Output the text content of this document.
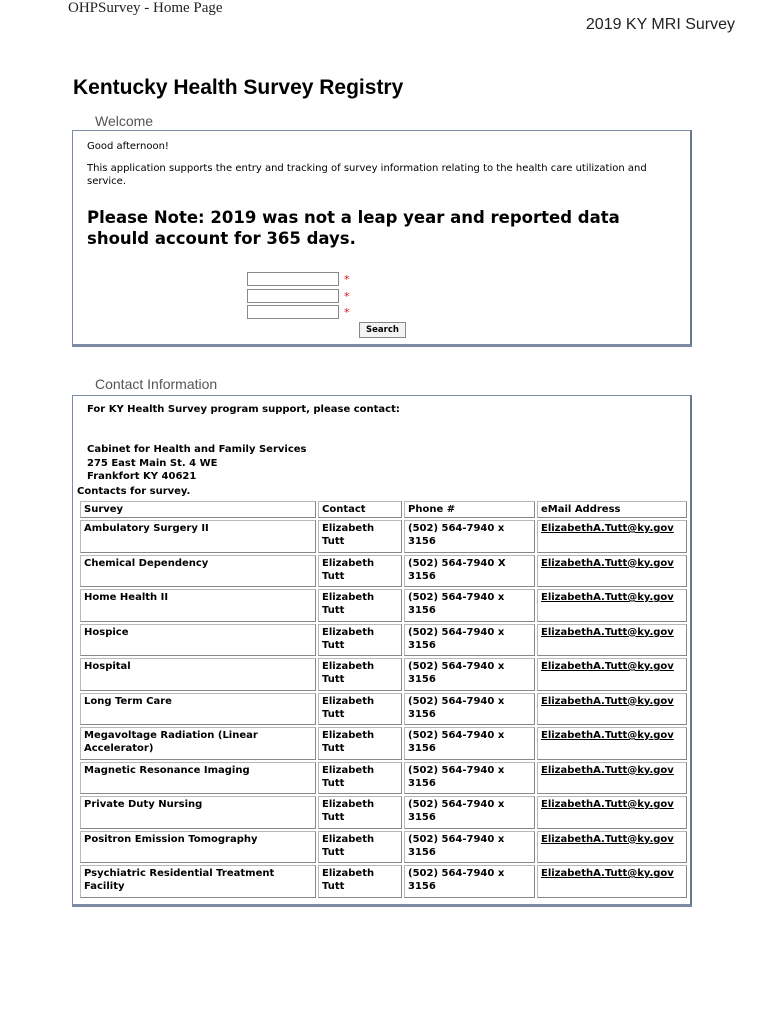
OHPSurvey - Home Page
2019 KY MRI Survey
Kentucky Health Survey Registry
Welcome
Good afternoon!
This application supports the entry and tracking of survey information relating to the health care utilization and service.
Please Note: 2019 was not a leap year and reported data should account for 365 days.
*
*
*
Search
Contact Information
For KY Health Survey program support, please contact:
Cabinet for Health and Family Services
275 East Main St. 4 WE
Frankfort KY 40621
Contacts for survey.
Survey	Contact	Phone #	eMail Address
Ambulatory Surgery II	Elizabeth Tutt	(502) 564-7940 x 3156	ElizabethA.Tutt@ky.gov
Chemical Dependency	Elizabeth Tutt	(502) 564-7940 X 3156	ElizabethA.Tutt@ky.gov
Home Health II	Elizabeth Tutt	(502) 564-7940 x 3156	ElizabethA.Tutt@ky.gov
Hospice	Elizabeth Tutt	(502) 564-7940 x 3156	ElizabethA.Tutt@ky.gov
Hospital	Elizabeth Tutt	(502) 564-7940 x 3156	ElizabethA.Tutt@ky.gov
Long Term Care	Elizabeth Tutt	(502) 564-7940 x 3156	ElizabethA.Tutt@ky.gov
Megavoltage Radiation (Linear Accelerator)	Elizabeth Tutt	(502) 564-7940 x 3156	ElizabethA.Tutt@ky.gov
Magnetic Resonance Imaging	Elizabeth Tutt	(502) 564-7940 x 3156	ElizabethA.Tutt@ky.gov
Private Duty Nursing	Elizabeth Tutt	(502) 564-7940 x 3156	ElizabethA.Tutt@ky.gov
Positron Emission Tomography	Elizabeth Tutt	(502) 564-7940 x 3156	ElizabethA.Tutt@ky.gov
Psychiatric Residential Treatment Facility	Elizabeth Tutt	(502) 564-7940 x 3156	ElizabethA.Tutt@ky.gov
